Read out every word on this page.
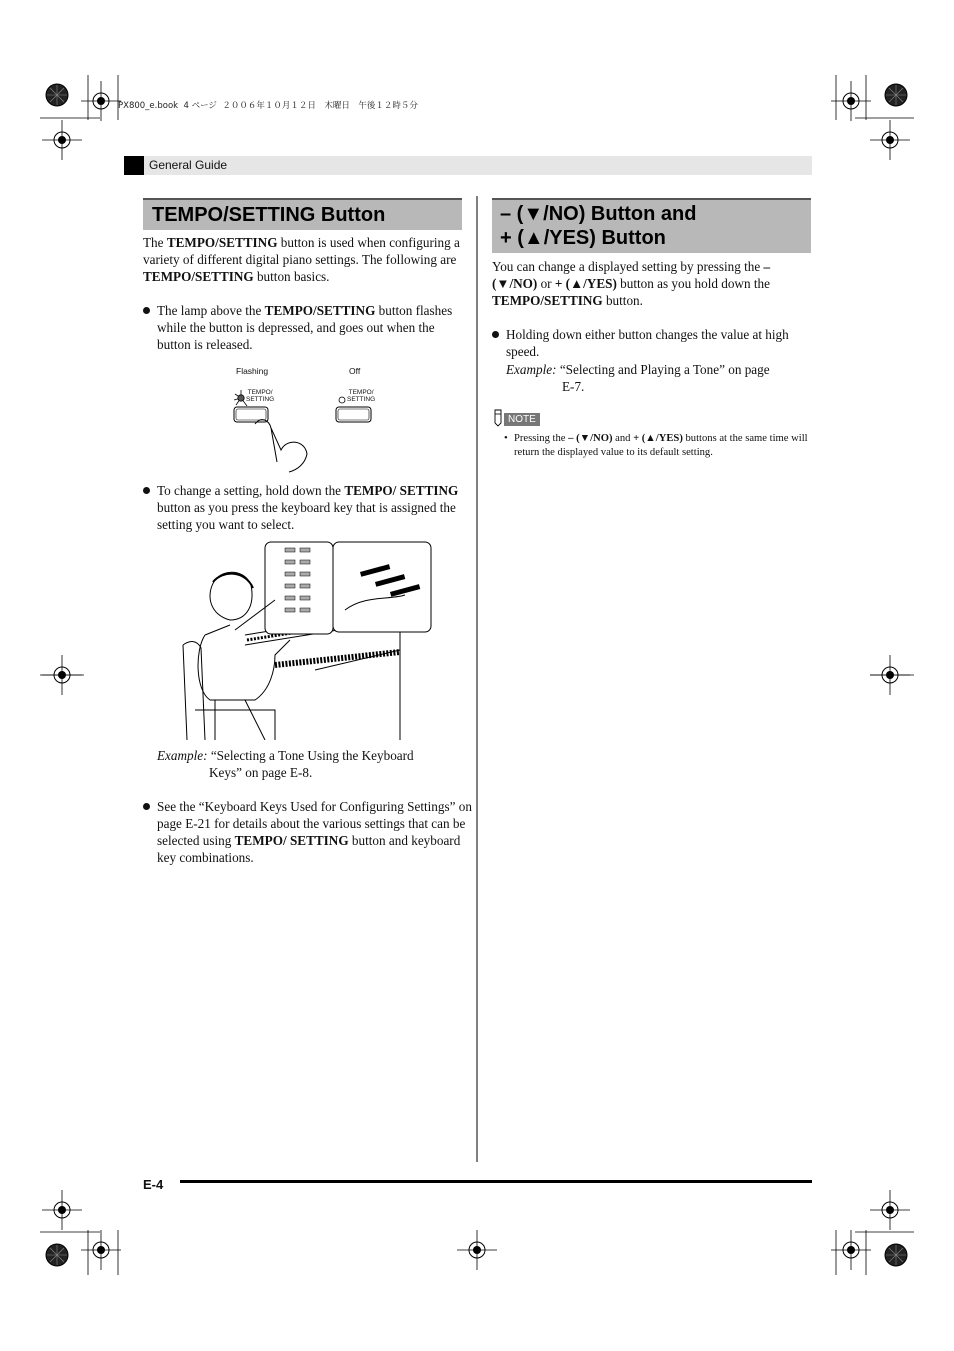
PX800_e.book  4 ページ  ２００６年１０月１２日　木曜日　午後１２時５分
General Guide
TEMPO/SETTING Button
The TEMPO/SETTING button is used when configuring a variety of different digital piano settings. The following are TEMPO/SETTING button basics.
The lamp above the TEMPO/SETTING button flashes while the button is depressed, and goes out when the button is released.
Flashing	Off
TEMPO/
SETTING
TEMPO/
SETTING
To change a setting, hold down the TEMPO/ SETTING button as you press the keyboard key that is assigned the setting you want to select.
Example: “Selecting a Tone Using the Keyboard
Keys” on page E-8.
See the “Keyboard Keys Used for Configuring Settings” on page E-21 for details about the various settings that can be selected using TEMPO/ SETTING button and keyboard key combinations.
– (▼/NO) Button and
+ (▲/YES) Button
You can change a displayed setting by pressing the – (▼/NO) or + (▲/YES) button as you hold down the TEMPO/SETTING button.
Holding down either button changes the value at high speed.
Example: “Selecting and Playing a Tone” on page
E-7.
NOTE
• Pressing the – (▼/NO) and + (▲/YES) buttons at the same time will return the displayed value to its default setting.
E-4
